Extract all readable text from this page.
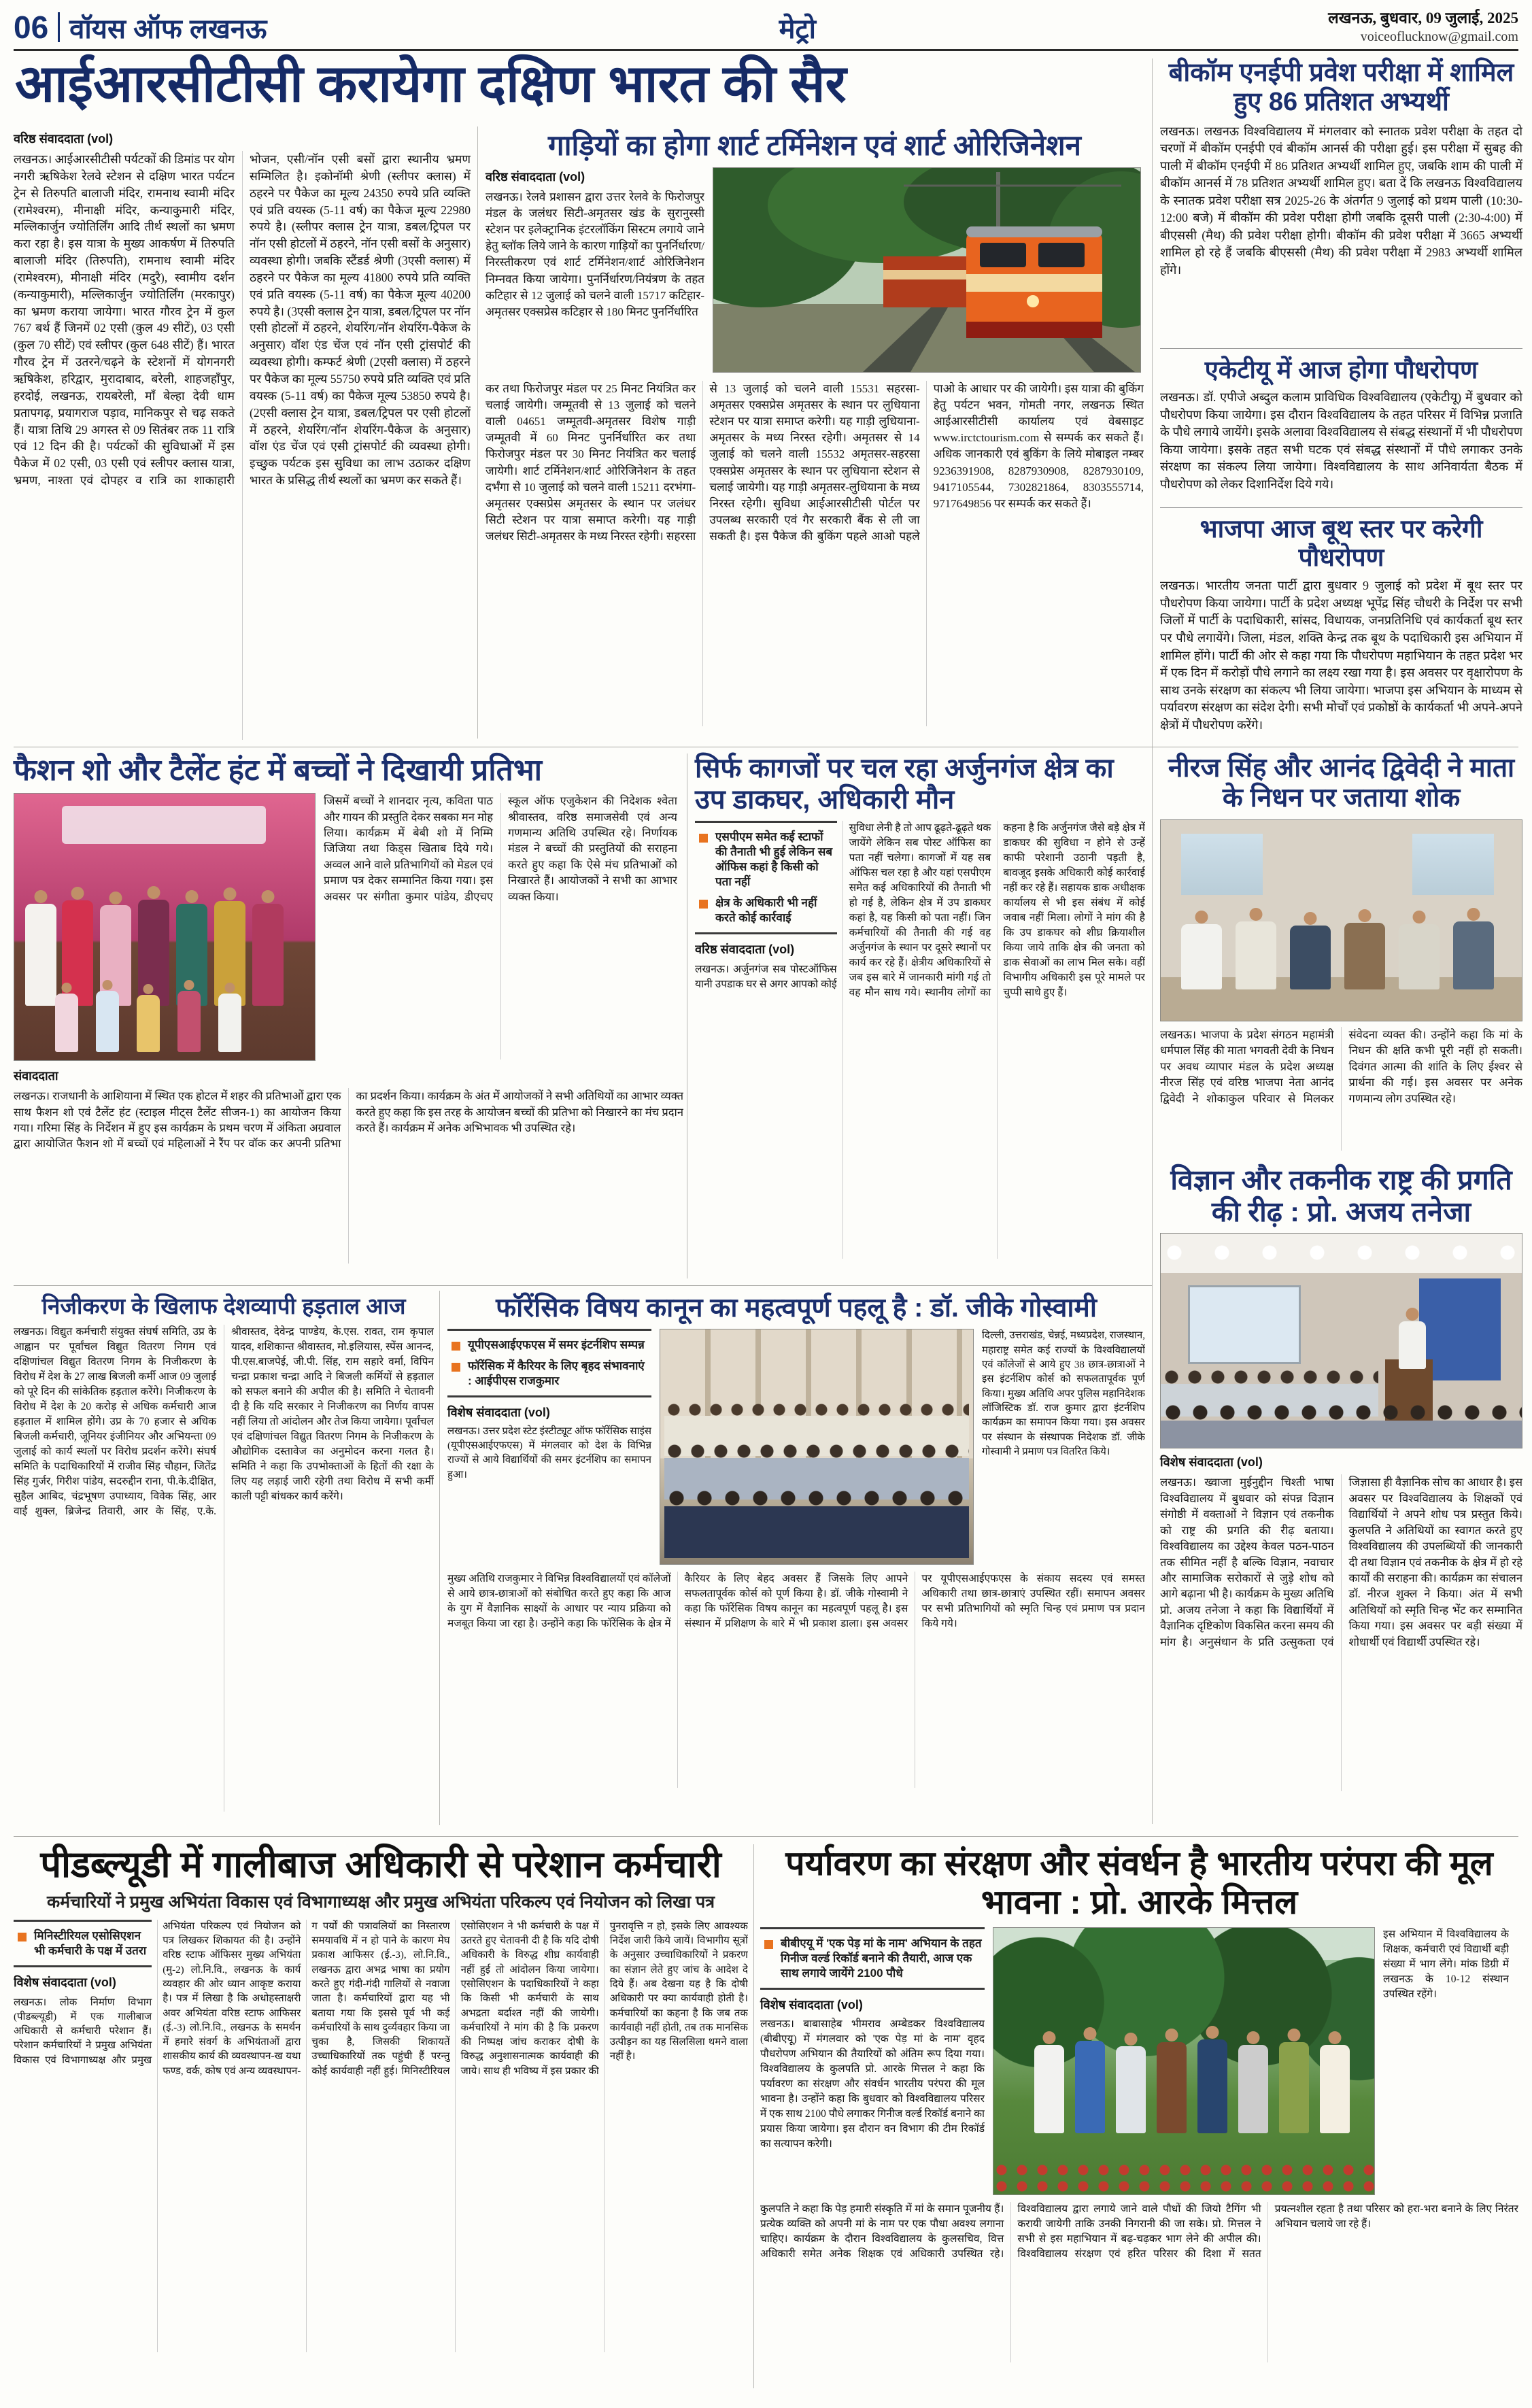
06 वॉयस ऑफ लखनऊ	मेट्रो	लखनऊ, बुधवार, 09 जुलाई, 2025
voiceoflucknow@gmail.com
आईआरसीटीसी करायेगा दक्षिण भारत की सैर
वरिष्ठ संवाददाता (vol)
लखनऊ। आईआरसीटीसी पर्यटकों की डिमांड पर योग नगरी ऋषिकेश रेलवे स्टेशन से दक्षिण भारत पर्यटन ट्रेन से तिरुपति बालाजी मंदिर, रामनाथ स्वामी मंदिर (रामेश्वरम), मीनाक्षी मंदिर, कन्याकुमारी मंदिर, मल्लिकार्जुन ज्योतिर्लिंग आदि तीर्थ स्थलों का भ्रमण करा रहा है। इस यात्रा के मुख्य आकर्षण में तिरुपति बालाजी मंदिर (तिरुपति), रामनाथ स्वामी मंदिर (रामेश्वरम), मीनाक्षी मंदिर (मदुरै), स्वामीय दर्शन (कन्याकुमारी), मल्लिकार्जुन ज्योतिर्लिंग (मरकापुर) का भ्रमण कराया जायेगा। भारत गौरव ट्रेन में कुल 767 बर्थ हैं जिनमें 02 एसी (कुल 49 सीटें), 03 एसी (कुल 70 सीटें) एवं स्लीपर (कुल 648 सीटें) हैं। भारत गौरव ट्रेन में उतरने/चढ़ने के स्टेशनों में योगनगरी ऋषिकेश, हरिद्वार, मुरादाबाद, बरेली, शाहजहाँपुर, हरदोई, लखनऊ, रायबरेली, माँ बेल्हा देवी धाम प्रतापगढ़, प्रयागराज पड़ाव, मानिकपुर से चढ़ सकते हैं। यात्रा तिथि 29 अगस्त से 09 सितंबर तक 11 रात्रि एवं 12 दिन की है। पर्यटकों की सुविधाओं में इस पैकेज में 02 एसी, 03 एसी एवं स्लीपर क्लास यात्रा, भ्रमण, नाश्ता एवं दोपहर व रात्रि का शाकाहारी भोजन, एसी/नॉन एसी बसों द्वारा स्थानीय भ्रमण सम्मिलित है। इकोनॉमी श्रेणी (स्लीपर क्लास) में ठहरने पर पैकेज का मूल्य 24350 रुपये प्रति व्यक्ति एवं प्रति वयस्क (5-11 वर्ष) का पैकेज मूल्य 22980 रुपये है। (स्लीपर क्लास ट्रेन यात्रा, डबल/ट्रिपल पर नॉन एसी होटलों में ठहरने, नॉन एसी बसों के अनुसार) व्यवस्था होगी। जबकि स्टैंडर्ड श्रेणी (3एसी क्लास) में ठहरने पर पैकेज का मूल्य 41800 रुपये प्रति व्यक्ति एवं प्रति वयस्क (5-11 वर्ष) का पैकेज मूल्य 40200 रुपये है। (3एसी क्लास ट्रेन यात्रा, डबल/ट्रिपल पर नॉन एसी होटलों में ठहरने, शेयरिंग/नॉन शेयरिंग-पैकेज के अनुसार) वॉश एंड चेंज एवं नॉन एसी ट्रांसपोर्ट की व्यवस्था होगी। कम्फर्ट श्रेणी (2एसी क्लास) में ठहरने पर पैकेज का मूल्य 55750 रुपये प्रति व्यक्ति एवं प्रति वयस्क (5-11 वर्ष) का पैकेज मूल्य 53850 रुपये है। (2एसी क्लास ट्रेन यात्रा, डबल/ट्रिपल पर एसी होटलों में ठहरने, शेयरिंग/नॉन शेयरिंग-पैकेज के अनुसार) वॉश एंड चेंज एवं एसी ट्रांसपोर्ट की व्यवस्था होगी। इच्छुक पर्यटक इस सुविधा का लाभ उठाकर दक्षिण भारत के प्रसिद्ध तीर्थ स्थलों का भ्रमण कर सकते हैं।
गाड़ियों का होगा शार्ट टर्मिनेशन एवं शार्ट ओरिजिनेशन
वरिष्ठ संवाददाता (vol)
लखनऊ। रेलवे प्रशासन द्वारा उत्तर रेलवे के फिरोजपुर मंडल के जलंधर सिटी-अमृतसर खंड के सुरानुस्सी स्टेशन पर इलेक्ट्रानिक इंटरलॉकिंग सिस्टम लगाये जाने हेतु ब्लॉक लिये जाने के कारण गाड़ियों का पुनर्निर्धारण/निरस्तीकरण एवं शार्ट टर्मिनेशन/शार्ट ओरिजिनेशन निम्नवत किया जायेगा। पुनर्निर्धारण/नियंत्रण के तहत कटिहार से 12 जुलाई को चलने वाली 15717 कटिहार-अमृतसर एक्सप्रेस कटिहार से 180 मिनट पुनर्निर्धारित
कर तथा फिरोजपुर मंडल पर 25 मिनट नियंत्रित कर चलाई जायेगी। जम्मूतवी से 13 जुलाई को चलने वाली 04651 जम्मूतवी-अमृतसर विशेष गाड़ी जम्मूतवी में 60 मिनट पुनर्निर्धारित कर तथा फिरोजपुर मंडल पर 30 मिनट नियंत्रित कर चलाई जायेगी। शार्ट टर्मिनेशन/शार्ट ओरिजिनेशन के तहत दर्भंगा से 10 जुलाई को चलने वाली 15211 दरभंगा-अमृतसर एक्सप्रेस अमृतसर के स्थान पर जलंधर सिटी स्टेशन पर यात्रा समाप्त करेगी। यह गाड़ी जलंधर सिटी-अमृतसर के मध्य निरस्त रहेगी। सहरसा से 13 जुलाई को चलने वाली 15531 सहरसा-अमृतसर एक्सप्रेस अमृतसर के स्थान पर लुधियाना स्टेशन पर यात्रा समाप्त करेगी। यह गाड़ी लुधियाना-अमृतसर के मध्य निरस्त रहेगी। अमृतसर से 14 जुलाई को चलने वाली 15532 अमृतसर-सहरसा एक्सप्रेस अमृतसर के स्थान पर लुधियाना स्टेशन से चलाई जायेगी। यह गाड़ी अमृतसर-लुधियाना के मध्य निरस्त रहेगी। सुविधा आईआरसीटीसी पोर्टल पर उपलब्ध सरकारी एवं गैर सरकारी बैंक से ली जा सकती है। इस पैकेज की बुकिंग पहले आओ पहले पाओ के आधार पर की जायेगी। इस यात्रा की बुकिंग हेतु पर्यटन भवन, गोमती नगर, लखनऊ स्थित आईआरसीटीसी कार्यालय एवं वेबसाइट www.irctctourism.com से सम्पर्क कर सकते हैं। अधिक जानकारी एवं बुकिंग के लिये मोबाइल नम्बर 9236391908, 8287930908, 8287930109, 9417105544, 7302821864, 8303555714, 9717649856 पर सम्पर्क कर सकते हैं।
बीकॉम एनईपी प्रवेश परीक्षा में शामिल हुए 86 प्रतिशत अभ्यर्थी
लखनऊ। लखनऊ विश्वविद्यालय में मंगलवार को स्नातक प्रवेश परीक्षा के तहत दो चरणों में बीकॉम एनईपी एवं बीकॉम आनर्स की परीक्षा हुई। इस परीक्षा में सुबह की पाली में बीकॉम एनईपी में 86 प्रतिशत अभ्यर्थी शामिल हुए, जबकि शाम की पाली में बीकॉम आनर्स में 78 प्रतिशत अभ्यर्थी शामिल हुए। बता दें कि लखनऊ विश्वविद्यालय के स्नातक प्रवेश परीक्षा सत्र 2025-26 के अंतर्गत 9 जुलाई को प्रथम पाली (10:30-12:00 बजे) में बीकॉम की प्रवेश परीक्षा होगी जबकि दूसरी पाली (2:30-4:00) में बीएससी (मैथ) की प्रवेश परीक्षा होगी। बीकॉम की प्रवेश परीक्षा में 3665 अभ्यर्थी शामिल हो रहे हैं जबकि बीएससी (मैथ) की प्रवेश परीक्षा में 2983 अभ्यर्थी शामिल होंगे।
एकेटीयू में आज होगा पौधरोपण
लखनऊ। डॉ. एपीजे अब्दुल कलाम प्राविधिक विश्वविद्यालय (एकेटीयू) में बुधवार को पौधरोपण किया जायेगा। इस दौरान विश्वविद्यालय के तहत परिसर में विभिन्न प्रजाति के पौधे लगाये जायेंगे। इसके अलावा विश्वविद्यालय से संबद्ध संस्थानों में भी पौधरोपण किया जायेगा। इसके तहत सभी घटक एवं संबद्ध संस्थानों में पौधे लगाकर उनके संरक्षण का संकल्प लिया जायेगा। विश्वविद्यालय के साथ अनिवार्यता बैठक में पौधरोपण को लेकर दिशानिर्देश दिये गये।
भाजपा आज बूथ स्तर पर करेगी पौधरोपण
लखनऊ। भारतीय जनता पार्टी द्वारा बुधवार 9 जुलाई को प्रदेश में बूथ स्तर पर पौधरोपण किया जायेगा। पार्टी के प्रदेश अध्यक्ष भूपेंद्र सिंह चौधरी के निर्देश पर सभी जिलों में पार्टी के पदाधिकारी, सांसद, विधायक, जनप्रतिनिधि एवं कार्यकर्ता बूथ स्तर पर पौधे लगायेंगे। जिला, मंडल, शक्ति केन्द्र तक बूथ के पदाधिकारी इस अभियान में शामिल होंगे। पार्टी की ओर से कहा गया कि पौधरोपण महाभियान के तहत प्रदेश भर में एक दिन में करोड़ों पौधे लगाने का लक्ष्य रखा गया है। इस अवसर पर वृक्षारोपण के साथ उनके संरक्षण का संकल्प भी लिया जायेगा। भाजपा इस अभियान के माध्यम से पर्यावरण संरक्षण का संदेश देगी। सभी मोर्चों एवं प्रकोष्ठों के कार्यकर्ता भी अपने-अपने क्षेत्रों में पौधरोपण करेंगे।
फैशन शो और टैलेंट हंट में बच्चों ने दिखायी प्रतिभा
जिसमें बच्चों ने शानदार नृत्य, कविता पाठ और गायन की प्रस्तुति देकर सबका मन मोह लिया। कार्यक्रम में बेबी शो में निम्मि जिजिया तथा किड्स खिताब दिये गये। अव्वल आने वाले प्रतिभागियों को मेडल एवं प्रमाण पत्र देकर सम्मानित किया गया। इस अवसर पर संगीता कुमार पांडेय, डीएचए स्कूल ऑफ एजुकेशन की निदेशक श्वेता श्रीवास्तव, वरिष्ठ समाजसेवी एवं अन्य गणमान्य अतिथि उपस्थित रहे। निर्णायक मंडल ने बच्चों की प्रस्तुतियों की सराहना करते हुए कहा कि ऐसे मंच प्रतिभाओं को निखारते हैं। आयोजकों ने सभी का आभार व्यक्त किया।
संवाददाता
लखनऊ। राजधानी के आशियाना में स्थित एक होटल में शहर की प्रतिभाओं द्वारा एक साथ फैशन शो एवं टैलेंट हंट (स्टाइल मीट्स टैलेंट सीजन-1) का आयोजन किया गया। गरिमा सिंह के निर्देशन में हुए इस कार्यक्रम के प्रथम चरण में अंकिता अग्रवाल द्वारा आयोजित फैशन शो में बच्चों एवं महिलाओं ने रैंप पर वॉक कर अपनी प्रतिभा का प्रदर्शन किया। कार्यक्रम के अंत में आयोजकों ने सभी अतिथियों का आभार व्यक्त करते हुए कहा कि इस तरह के आयोजन बच्चों की प्रतिभा को निखारने का मंच प्रदान करते हैं। कार्यक्रम में अनेक अभिभावक भी उपस्थित रहे।
सिर्फ कागजों पर चल रहा अर्जुनगंज क्षेत्र का उप डाकघर, अधिकारी मौन
एसपीएम समेत कई स्टाफों की तैनाती भी हुई लेकिन सब ऑफिस कहां है किसी को पता नहीं
क्षेत्र के अधिकारी भी नहीं करते कोई कार्रवाई
वरिष्ठ संवाददाता (vol)
लखनऊ। अर्जुनगंज सब पोस्टऑफिस यानी उपडाक घर से अगर आपको कोई सुविधा लेनी है तो आप ढूढ़ते-ढूढ़ते थक जायेंगे लेकिन सब पोस्ट ऑफिस का पता नहीं चलेगा। कागजों में यह सब ऑफिस चल रहा है और यहां एसपीएम समेत कई अधिकारियों की तैनाती भी हो गई है, लेकिन क्षेत्र में उप डाकघर कहां है, यह किसी को पता नहीं। जिन कर्मचारियों की तैनाती की गई वह अर्जुनगंज के स्थान पर दूसरे स्थानों पर कार्य कर रहे हैं। क्षेत्रीय अधिकारियों से जब इस बारे में जानकारी मांगी गई तो वह मौन साध गये। स्थानीय लोगों का कहना है कि अर्जुनगंज जैसे बड़े क्षेत्र में डाकघर की सुविधा न होने से उन्हें काफी परेशानी उठानी पड़ती है, बावजूद इसके अधिकारी कोई कार्रवाई नहीं कर रहे हैं। सहायक डाक अधीक्षक कार्यालय से भी इस संबंध में कोई जवाब नहीं मिला। लोगों ने मांग की है कि उप डाकघर को शीघ्र क्रियाशील किया जाये ताकि क्षेत्र की जनता को डाक सेवाओं का लाभ मिल सके। वहीं विभागीय अधिकारी इस पूरे मामले पर चुप्पी साधे हुए हैं।
नीरज सिंह और आनंद द्विवेदी ने माता के निधन पर जताया शोक
लखनऊ। भाजपा के प्रदेश संगठन महामंत्री धर्मपाल सिंह की माता भगवती देवी के निधन पर अवध व्यापार मंडल के प्रदेश अध्यक्ष नीरज सिंह एवं वरिष्ठ भाजपा नेता आनंद द्विवेदी ने शोकाकुल परिवार से मिलकर संवेदना व्यक्त की। उन्होंने कहा कि मां के निधन की क्षति कभी पूरी नहीं हो सकती। दिवंगत आत्मा की शांति के लिए ईश्वर से प्रार्थना की गई। इस अवसर पर अनेक गणमान्य लोग उपस्थित रहे।
विज्ञान और तकनीक राष्ट्र की प्रगति की रीढ़ : प्रो. अजय तनेजा
विशेष संवाददाता (vol)
लखनऊ। ख्वाजा मुईनुद्दीन चिश्ती भाषा विश्वविद्यालय में बुधवार को संपन्न विज्ञान संगोष्ठी में वक्ताओं ने विज्ञान एवं तकनीक को राष्ट्र की प्रगति की रीढ़ बताया। विश्वविद्यालय का उद्देश्य केवल पठन-पाठन तक सीमित नहीं है बल्कि विज्ञान, नवाचार और सामाजिक सरोकारों से जुड़े शोध को आगे बढ़ाना भी है। कार्यक्रम के मुख्य अतिथि प्रो. अजय तनेजा ने कहा कि विद्यार्थियों में वैज्ञानिक दृष्टिकोण विकसित करना समय की मांग है। अनुसंधान के प्रति उत्सुकता एवं जिज्ञासा ही वैज्ञानिक सोच का आधार है। इस अवसर पर विश्वविद्यालय के शिक्षकों एवं विद्यार्थियों ने अपने शोध पत्र प्रस्तुत किये। कुलपति ने अतिथियों का स्वागत करते हुए विश्वविद्यालय की उपलब्धियों की जानकारी दी तथा विज्ञान एवं तकनीक के क्षेत्र में हो रहे कार्यों की सराहना की। कार्यक्रम का संचालन डॉ. नीरज शुक्ल ने किया। अंत में सभी अतिथियों को स्मृति चिन्ह भेंट कर सम्मानित किया गया। इस अवसर पर बड़ी संख्या में शोधार्थी एवं विद्यार्थी उपस्थित रहे।
निजीकरण के खिलाफ देशव्यापी हड़ताल आज
लखनऊ। विद्युत कर्मचारी संयुक्त संघर्ष समिति, उप्र के आह्वान पर पूर्वांचल विद्युत वितरण निगम एवं दक्षिणांचल विद्युत वितरण निगम के निजीकरण के विरोध में देश के 27 लाख बिजली कर्मी आज 09 जुलाई को पूरे दिन की सांकेतिक हड़ताल करेंगे। निजीकरण के विरोध में देश के 20 करोड़ से अधिक कर्मचारी आज हड़ताल में शामिल होंगे। उप्र के 70 हजार से अधिक बिजली कर्मचारी, जूनियर इंजीनियर और अभियन्ता 09 जुलाई को कार्य स्थलों पर विरोध प्रदर्शन करेंगे। संघर्ष समिति के पदाधिकारियों में राजीव सिंह चौहान, जितेंद्र सिंह गुर्जर, गिरीश पांडेय, सदरुद्दीन राना, पी.के.दीक्षित, सुहैल आबिद, चंद्रभूषण उपाध्याय, विवेक सिंह, आर वाई शुक्ल, ब्रिजेन्द्र तिवारी, आर के सिंह, ए.के. श्रीवास्तव, देवेन्द्र पाण्डेय, के.एस. रावत, राम कृपाल यादव, शशिकान्त श्रीवास्तव, मो.इलियास, स्पेंस आनन्द, पी.एस.बाजपेई, जी.पी. सिंह, राम सहारे वर्मा, विपिन चन्द्रा प्रकाश चन्द्रा आदि ने बिजली कर्मियों से हड़ताल को सफल बनाने की अपील की है। समिति ने चेतावनी दी है कि यदि सरकार ने निजीकरण का निर्णय वापस नहीं लिया तो आंदोलन और तेज किया जायेगा। पूर्वांचल एवं दक्षिणांचल विद्युत वितरण निगम के निजीकरण के औद्योगिक दस्तावेज का अनुमोदन करना गलत है। समिति ने कहा कि उपभोक्ताओं के हितों की रक्षा के लिए यह लड़ाई जारी रहेगी तथा विरोध में सभी कर्मी काली पट्टी बांधकर कार्य करेंगे।
फॉरेंसिक विषय कानून का महत्वपूर्ण पहलू है : डॉ. जीके गोस्वामी
यूपीएसआईएफएस में समर इंटर्नशिप सम्पन्न
फॉरेंसिक में कैरियर के लिए बृहद संभावनाएं : आईपीएस राजकुमार
विशेष संवाददाता (vol)
लखनऊ। उत्तर प्रदेश स्टेट इंस्टीट्यूट ऑफ फॉरेंसिक साइंस (यूपीएसआईएफएस) में मंगलवार को देश के विभिन्न राज्यों से आये विद्यार्थियों की समर इंटर्नशिप का समापन हुआ।
दिल्ली, उत्तराखंड, चेन्नई, मध्यप्रदेश, राजस्थान, महाराष्ट्र समेत कई राज्यों के विश्वविद्यालयों एवं कॉलेजों से आये हुए 38 छात्र-छात्राओं ने इस इंटर्नशिप कोर्स को सफलतापूर्वक पूर्ण किया। मुख्य अतिथि अपर पुलिस महानिदेशक लॉजिस्टिक डॉ. राज कुमार द्वारा इंटर्नशिप कार्यक्रम का समापन किया गया। इस अवसर पर संस्थान के संस्थापक निदेशक डॉ. जीके गोस्वामी ने प्रमाण पत्र वितरित किये।
मुख्य अतिथि राजकुमार ने विभिन्न विश्वविद्यालयों एवं कॉलेजों से आये छात्र-छात्राओं को संबोधित करते हुए कहा कि आज के युग में वैज्ञानिक साक्ष्यों के आधार पर न्याय प्रक्रिया को मजबूत किया जा रहा है। उन्होंने कहा कि फॉरेंसिक के क्षेत्र में कैरियर के लिए बेहद अवसर हैं जिसके लिए आपने सफलतापूर्वक कोर्स को पूर्ण किया है। डॉ. जीके गोस्वामी ने कहा कि फॉरेंसिक विषय कानून का महत्वपूर्ण पहलू है। इस संस्थान में प्रशिक्षण के बारे में भी प्रकाश डाला। इस अवसर पर यूपीएसआईएफएस के संकाय सदस्य एवं समस्त अधिकारी तथा छात्र-छात्राएं उपस्थित रहीं। समापन अवसर पर सभी प्रतिभागियों को स्मृति चिन्ह एवं प्रमाण पत्र प्रदान किये गये।
पीडब्ल्यूडी में गालीबाज अधिकारी से परेशान कर्मचारी
कर्मचारियों ने प्रमुख अभियंता विकास एवं विभागाध्यक्ष और प्रमुख अभियंता परिकल्प एवं नियोजन को लिखा पत्र
मिनिस्टीरियल एसोसिएशन भी कर्मचारी के पक्ष में उतरा
विशेष संवाददाता (vol)
लखनऊ। लोक निर्माण विभाग (पीडब्ल्यूडी) में एक गालीबाज अधिकारी से कर्मचारी परेशान हैं। परेशान कर्मचारियों ने प्रमुख अभियंता विकास एवं विभागाध्यक्ष और प्रमुख अभियंता परिकल्प एवं नियोजन को पत्र लिखकर शिकायत की है। उन्होंने वरिष्ठ स्टाफ ऑफिसर मुख्य अभियंता (मु-2) लो.नि.वि., लखनऊ के कार्य व्यवहार की ओर ध्यान आकृष्ट कराया है। पत्र में लिखा है कि अधोहस्ताक्षरी अवर अभियंता वरिष्ठ स्टाफ आफिसर (ई.-3) लो.नि.वि., लखनऊ के समर्थन में हमारे संवर्ग के अभियंताओं द्वारा शासकीय कार्य की व्यवस्थापन-ख यथा फण्ड, वर्क, कोष एवं अन्य व्यवस्थापन-ग पर्यों की पत्रावलियों का निस्तारण समयावधि में न हो पाने के कारण मेघ प्रकाश आफिसर (ई.-3), लो.नि.वि., लखनऊ द्वारा अभद्र भाषा का प्रयोग करते हुए गंदी-गंदी गालियों से नवाजा जाता है। कर्मचारियों द्वारा यह भी बताया गया कि इससे पूर्व भी कई कर्मचारियों के साथ दुर्व्यवहार किया जा चुका है, जिसकी शिकायतें उच्चाधिकारियों तक पहुंची हैं परन्तु कोई कार्यवाही नहीं हुई। मिनिस्टीरियल एसोसिएशन ने भी कर्मचारी के पक्ष में उतरते हुए चेतावनी दी है कि यदि दोषी अधिकारी के विरुद्ध शीघ्र कार्यवाही नहीं हुई तो आंदोलन किया जायेगा। एसोसिएशन के पदाधिकारियों ने कहा कि किसी भी कर्मचारी के साथ अभद्रता बर्दाश्त नहीं की जायेगी। कर्मचारियों ने मांग की है कि प्रकरण की निष्पक्ष जांच कराकर दोषी के विरुद्ध अनुशासनात्मक कार्यवाही की जाये। साथ ही भविष्य में इस प्रकार की पुनरावृत्ति न हो, इसके लिए आवश्यक निर्देश जारी किये जायें। विभागीय सूत्रों के अनुसार उच्चाधिकारियों ने प्रकरण का संज्ञान लेते हुए जांच के आदेश दे दिये हैं। अब देखना यह है कि दोषी अधिकारी पर क्या कार्यवाही होती है। कर्मचारियों का कहना है कि जब तक कार्यवाही नहीं होती, तब तक मानसिक उत्पीड़न का यह सिलसिला थमने वाला नहीं है।
पर्यावरण का संरक्षण और संवर्धन है भारतीय परंपरा की मूल भावना : प्रो. आरके मित्तल
बीबीएयू में 'एक पेड़ मां के नाम' अभियान के तहत गिनीज वर्ल्ड रिकॉर्ड बनाने की तैयारी, आज एक साथ लगाये जायेंगे 2100 पौधे
विशेष संवाददाता (vol)
लखनऊ। बाबासाहेब भीमराव अम्बेडकर विश्वविद्यालय (बीबीएयू) में मंगलवार को 'एक पेड़ मां के नाम' वृहद पौधरोपण अभियान की तैयारियों को अंतिम रूप दिया गया। विश्वविद्यालय के कुलपति प्रो. आरके मित्तल ने कहा कि पर्यावरण का संरक्षण और संवर्धन भारतीय परंपरा की मूल भावना है। उन्होंने कहा कि बुधवार को विश्वविद्यालय परिसर में एक साथ 2100 पौधे लगाकर गिनीज वर्ल्ड रिकॉर्ड बनाने का प्रयास किया जायेगा। इस दौरान वन विभाग की टीम रिकॉर्ड का सत्यापन करेगी।
इस अभियान में विश्वविद्यालय के शिक्षक, कर्मचारी एवं विद्यार्थी बड़ी संख्या में भाग लेंगे। मांक डिग्री में लखनऊ के 10-12 संस्थान उपस्थित रहेंगे।
कुलपति ने कहा कि पेड़ हमारी संस्कृति में मां के समान पूजनीय हैं। प्रत्येक व्यक्ति को अपनी मां के नाम पर एक पौधा अवश्य लगाना चाहिए। कार्यक्रम के दौरान विश्वविद्यालय के कुलसचिव, वित्त अधिकारी समेत अनेक शिक्षक एवं अधिकारी उपस्थित रहे। विश्वविद्यालय द्वारा लगाये जाने वाले पौधों की जियो टैगिंग भी करायी जायेगी ताकि उनकी निगरानी की जा सके। प्रो. मित्तल ने सभी से इस महाभियान में बढ़-चढ़कर भाग लेने की अपील की। विश्वविद्यालय संरक्षण एवं हरित परिसर की दिशा में सतत प्रयत्नशील रहता है तथा परिसर को हरा-भरा बनाने के लिए निरंतर अभियान चलाये जा रहे हैं।
